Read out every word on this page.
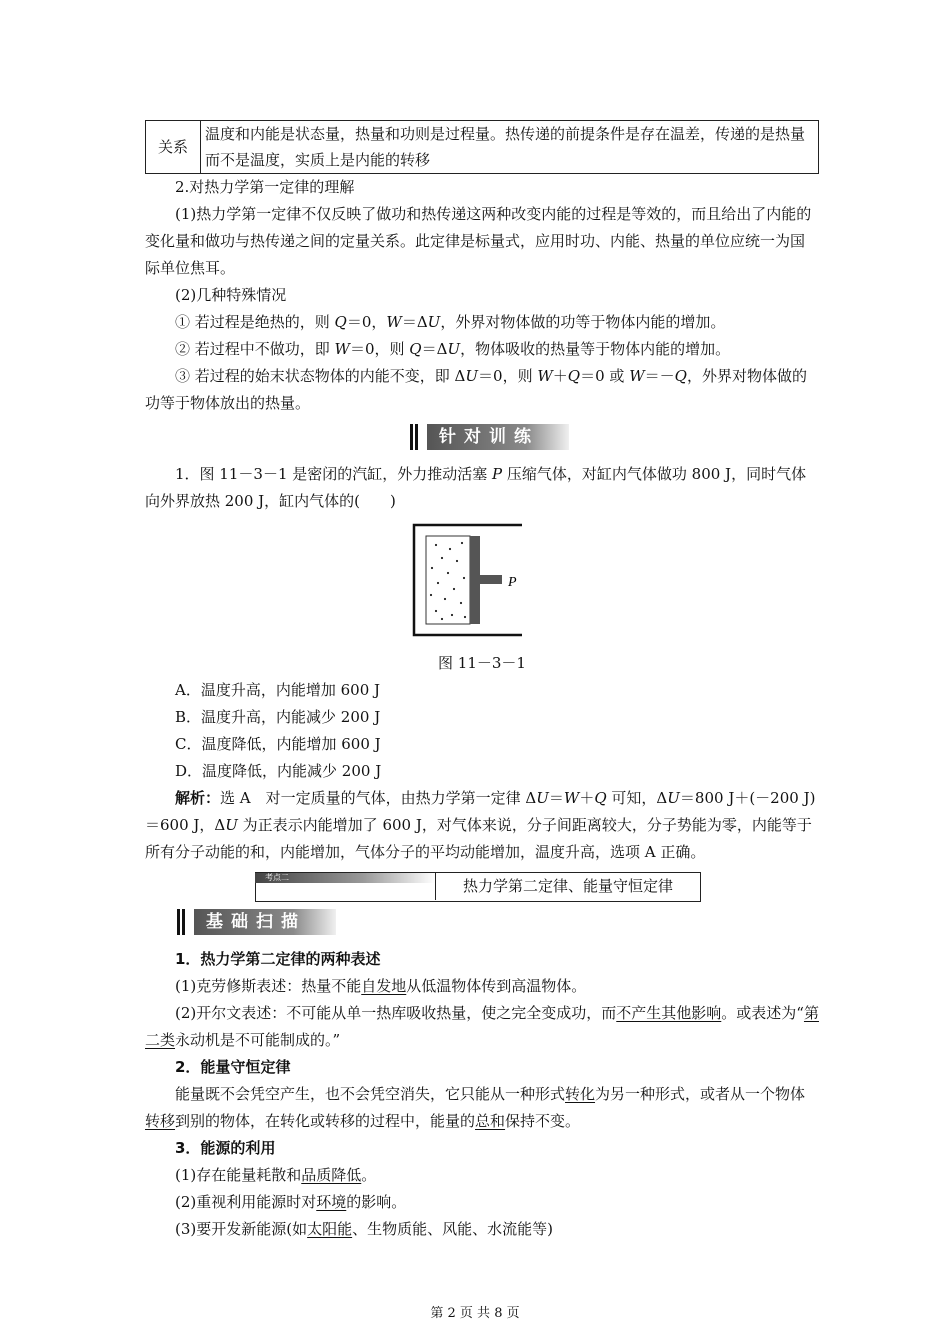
关系	温度和内能是状态量，热量和功则是过程量。热传递的前提条件是存在温差，传递的是热量而不是温度，实质上是内能的转移

2.对热力学第一定律的理解

(1)热力学第一定律不仅反映了做功和热传递这两种改变内能的过程是等效的，而且给出了内能的变化量和做功与热传递之间的定量关系。此定律是标量式，应用时功、内能、热量的单位应统一为国际单位焦耳。

(2)几种特殊情况

① 若过程是绝热的，则 Q＝0，W＝ΔU，外界对物体做的功等于物体内能的增加。

② 若过程中不做功，即 W＝0，则 Q＝ΔU，物体吸收的热量等于物体内能的增加。

③ 若过程的始末状态物体的内能不变，即 ΔU＝0，则 W＋Q＝0 或 W＝－Q，外界对物体做的功等于物体放出的热量。

针对训练

1．图 11－3－1 是密闭的汽缸，外力推动活塞 P 压缩气体，对缸内气体做功 800 J，同时气体向外界放热 200 J，缸内气体的(　　)

P

图 11－3－1

A．温度升高，内能增加 600 J

B．温度升高，内能减少 200 J

C．温度降低，内能增加 600 J

D．温度降低，内能减少 200 J

解析：选 A　对一定质量的气体，由热力学第一定律 ΔU＝W＋Q 可知，ΔU＝800 J＋(－200 J)＝600 J，ΔU 为正表示内能增加了 600 J，对气体来说，分子间距离较大，分子势能为零，内能等于所有分子动能的和，内能增加，气体分子的平均动能增加，温度升高，选项 A 正确。

考点二	热力学第二定律、能量守恒定律
基础扫描

1．热力学第二定律的两种表述

(1)克劳修斯表述：热量不能自发地从低温物体传到高温物体。

(2)开尔文表述：不可能从单一热库吸收热量，使之完全变成功，而不产生其他影响。或表述为“第二类永动机是不可能制成的。”

2．能量守恒定律

能量既不会凭空产生，也不会凭空消失，它只能从一种形式转化为另一种形式，或者从一个物体转移到别的物体，在转化或转移的过程中，能量的总和保持不变。

3．能源的利用

(1)存在能量耗散和品质降低。

(2)重视利用能源时对环境的影响。

(3)要开发新能源(如太阳能、生物质能、风能、水流能等)

第 2 页 共 8 页
